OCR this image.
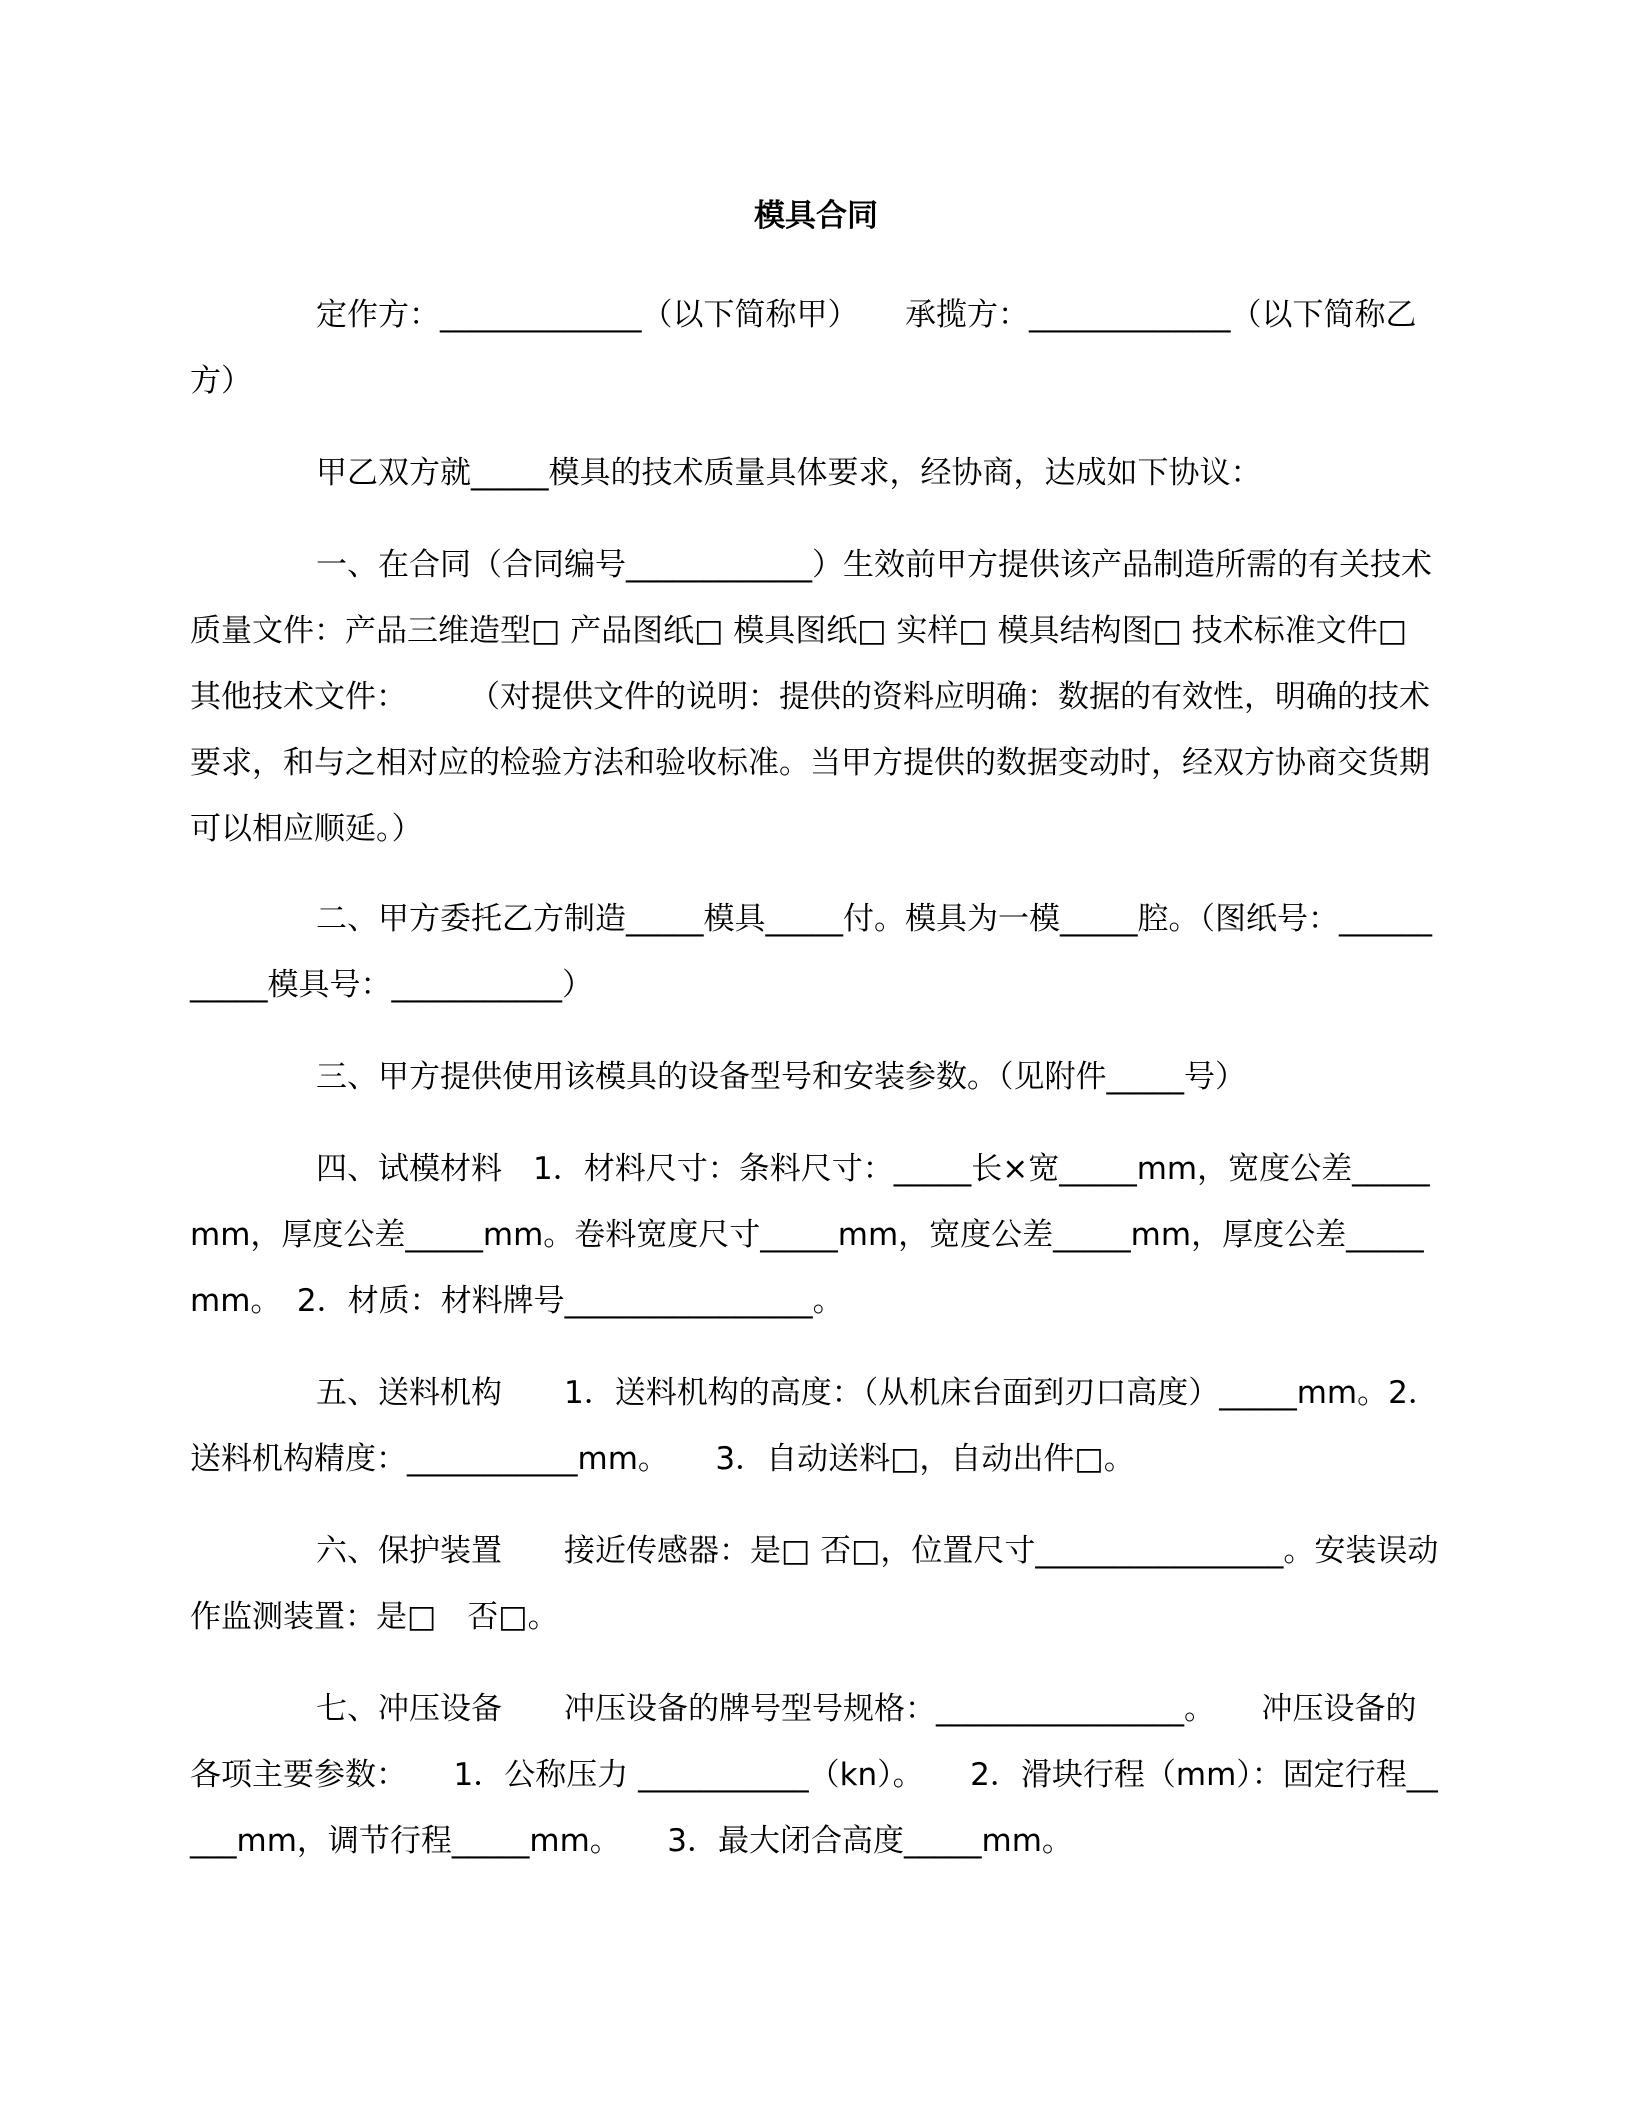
模具合同
定作方：_____________（以下简称甲）　　承揽方：_____________（以下简称乙方）
甲乙双方就_____模具的技术质量具体要求，经协商，达成如下协议：
一、在合同（合同编号____________）生效前甲方提供该产品制造所需的有关技术质量文件：产品三维造型□ 产品图纸□ 模具图纸□ 实样□ 模具结构图□ 技术标准文件□ 其他技术文件：　　　（对提供文件的说明：提供的资料应明确：数据的有效性，明确的技术要求，和与之相对应的检验方法和验收标准。当甲方提供的数据变动时，经双方协商交货期可以相应顺延。）
二、甲方委托乙方制造_____模具_____付。模具为一模_____腔。（图纸号：___________模具号：___________）
三、甲方提供使用该模具的设备型号和安装参数。（见附件_____号）
四、试模材料　1．材料尺寸：条料尺寸：_____长×宽_____mm，宽度公差_____mm，厚度公差_____mm。卷料宽度尺寸_____mm，宽度公差_____mm，厚度公差_____mm。　2．材质：材料牌号________________。
五、送料机构　　1．送料机构的高度：（从机床台面到刃口高度）_____mm。2．送料机构精度：___________mm。　　3．自动送料□，自动出件□。
六、保护装置　　接近传感器：是□ 否□，位置尺寸________________。安装误动作监测装置：是□　否□。
七、冲压设备　　冲压设备的牌号型号规格：________________。　　冲压设备的各项主要参数：　　1．公称压力 ___________（kn）。　　2．滑块行程（mm）：固定行程_____mm，调节行程_____mm。　　3．最大闭合高度_____mm。
